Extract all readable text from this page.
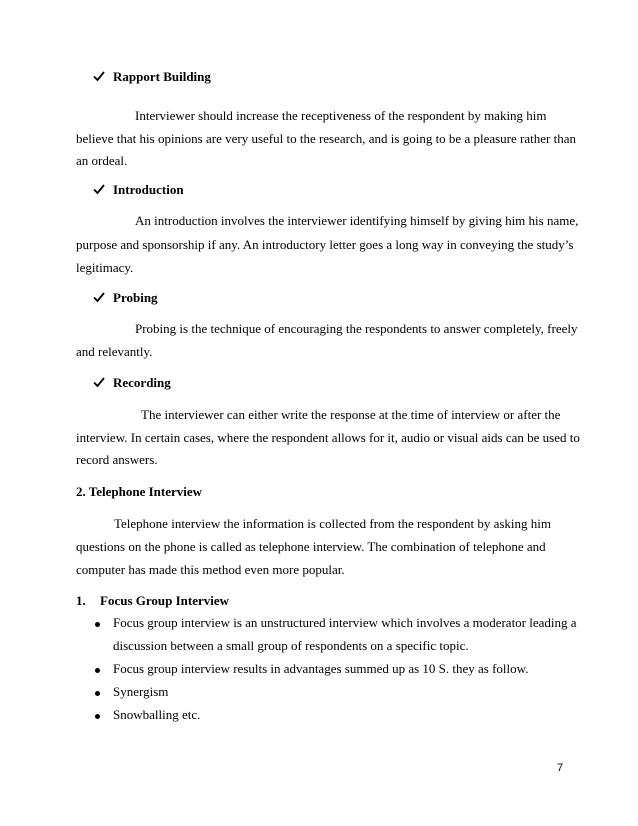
Rapport Building
Interviewer should increase the receptiveness of the respondent by making him
believe that his opinions are very useful to the research, and is going to be a pleasure rather than
an ordeal.
Introduction
An introduction involves the interviewer identifying himself by giving him his name,
purpose and sponsorship if any. An introductory letter goes a long way in conveying the study’s
legitimacy.
Probing
Probing is the technique of encouraging the respondents to answer completely, freely
and relevantly.
Recording
The interviewer can either write the response at the time of interview or after the
interview. In certain cases, where the respondent allows for it, audio or visual aids can be used to
record answers.
2. Telephone Interview
Telephone interview the information is collected from the respondent by asking him
questions on the phone is called as telephone interview. The combination of telephone and
computer has made this method even more popular.
1. Focus Group Interview
Focus group interview is an unstructured interview which involves a moderator leading a
discussion between a small group of respondents on a specific topic.
Focus group interview results in advantages summed up as 10 S. they as follow.
Synergism
Snowballing etc.
7
